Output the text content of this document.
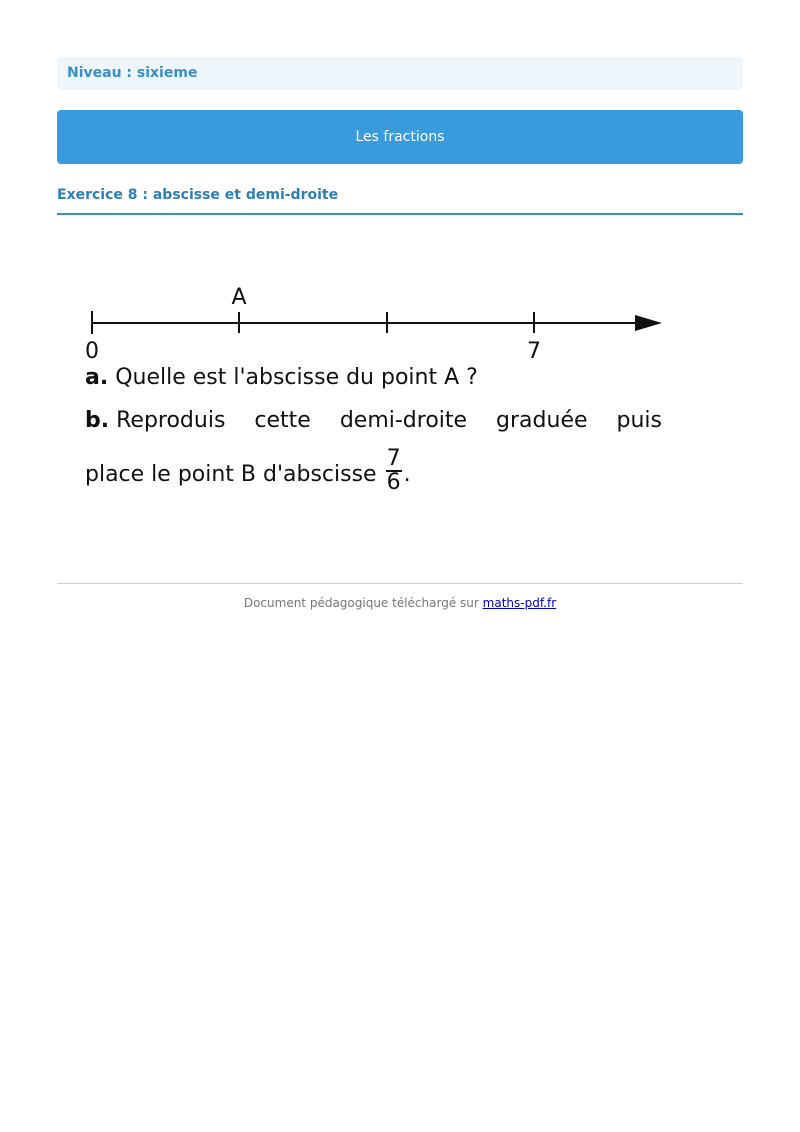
Niveau : sixieme
Les fractions
Exercice 8 : abscisse et demi-droite
A
0	7
a. Quelle est l'abscisse du point A ?
b. Reproduis cette demi-droite graduée puis
place le point B d'abscisse $\frac{7}{6}$ .
Document pédagogique téléchargé sur maths-pdf.fr
